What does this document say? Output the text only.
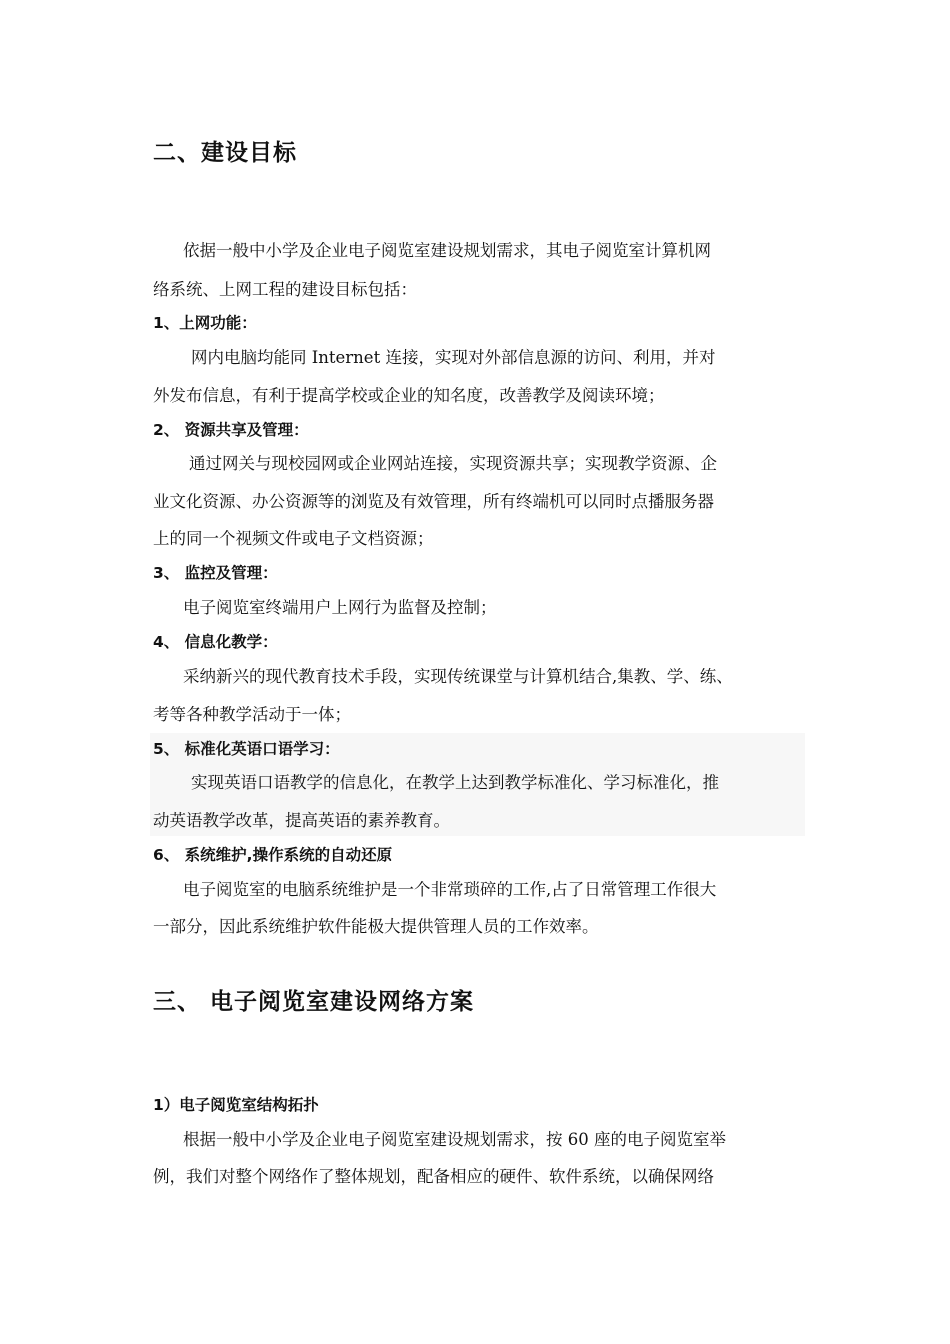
二、建设目标
依据一般中小学及企业电子阅览室建设规划需求，其电子阅览室计算机网
络系统、上网工程的建设目标包括：
1、上网功能：
网内电脑均能同 Internet 连接，实现对外部信息源的访问、利用，并对
外发布信息，有利于提高学校或企业的知名度，改善教学及阅读环境；
2、 资源共享及管理：
通过网关与现校园网或企业网站连接，实现资源共享；实现教学资源、企
业文化资源、办公资源等的浏览及有效管理，所有终端机可以同时点播服务器
上的同一个视频文件或电子文档资源；
3、 监控及管理：
电子阅览室终端用户上网行为监督及控制；
4、 信息化教学：
采纳新兴的现代教育技术手段，实现传统课堂与计算机结合,集教、学、练、
考等各种教学活动于一体；
5、 标准化英语口语学习：
实现英语口语教学的信息化，在教学上达到教学标准化、学习标准化，推
动英语教学改革，提高英语的素养教育。
6、 系统维护,操作系统的自动还原
电子阅览室的电脑系统维护是一个非常琐碎的工作,占了日常管理工作很大
一部分，因此系统维护软件能极大提供管理人员的工作效率。
三、 电子阅览室建设网络方案
1）电子阅览室结构拓扑
根据一般中小学及企业电子阅览室建设规划需求，按 60 座的电子阅览室举
例，我们对整个网络作了整体规划，配备相应的硬件、软件系统，以确保网络
